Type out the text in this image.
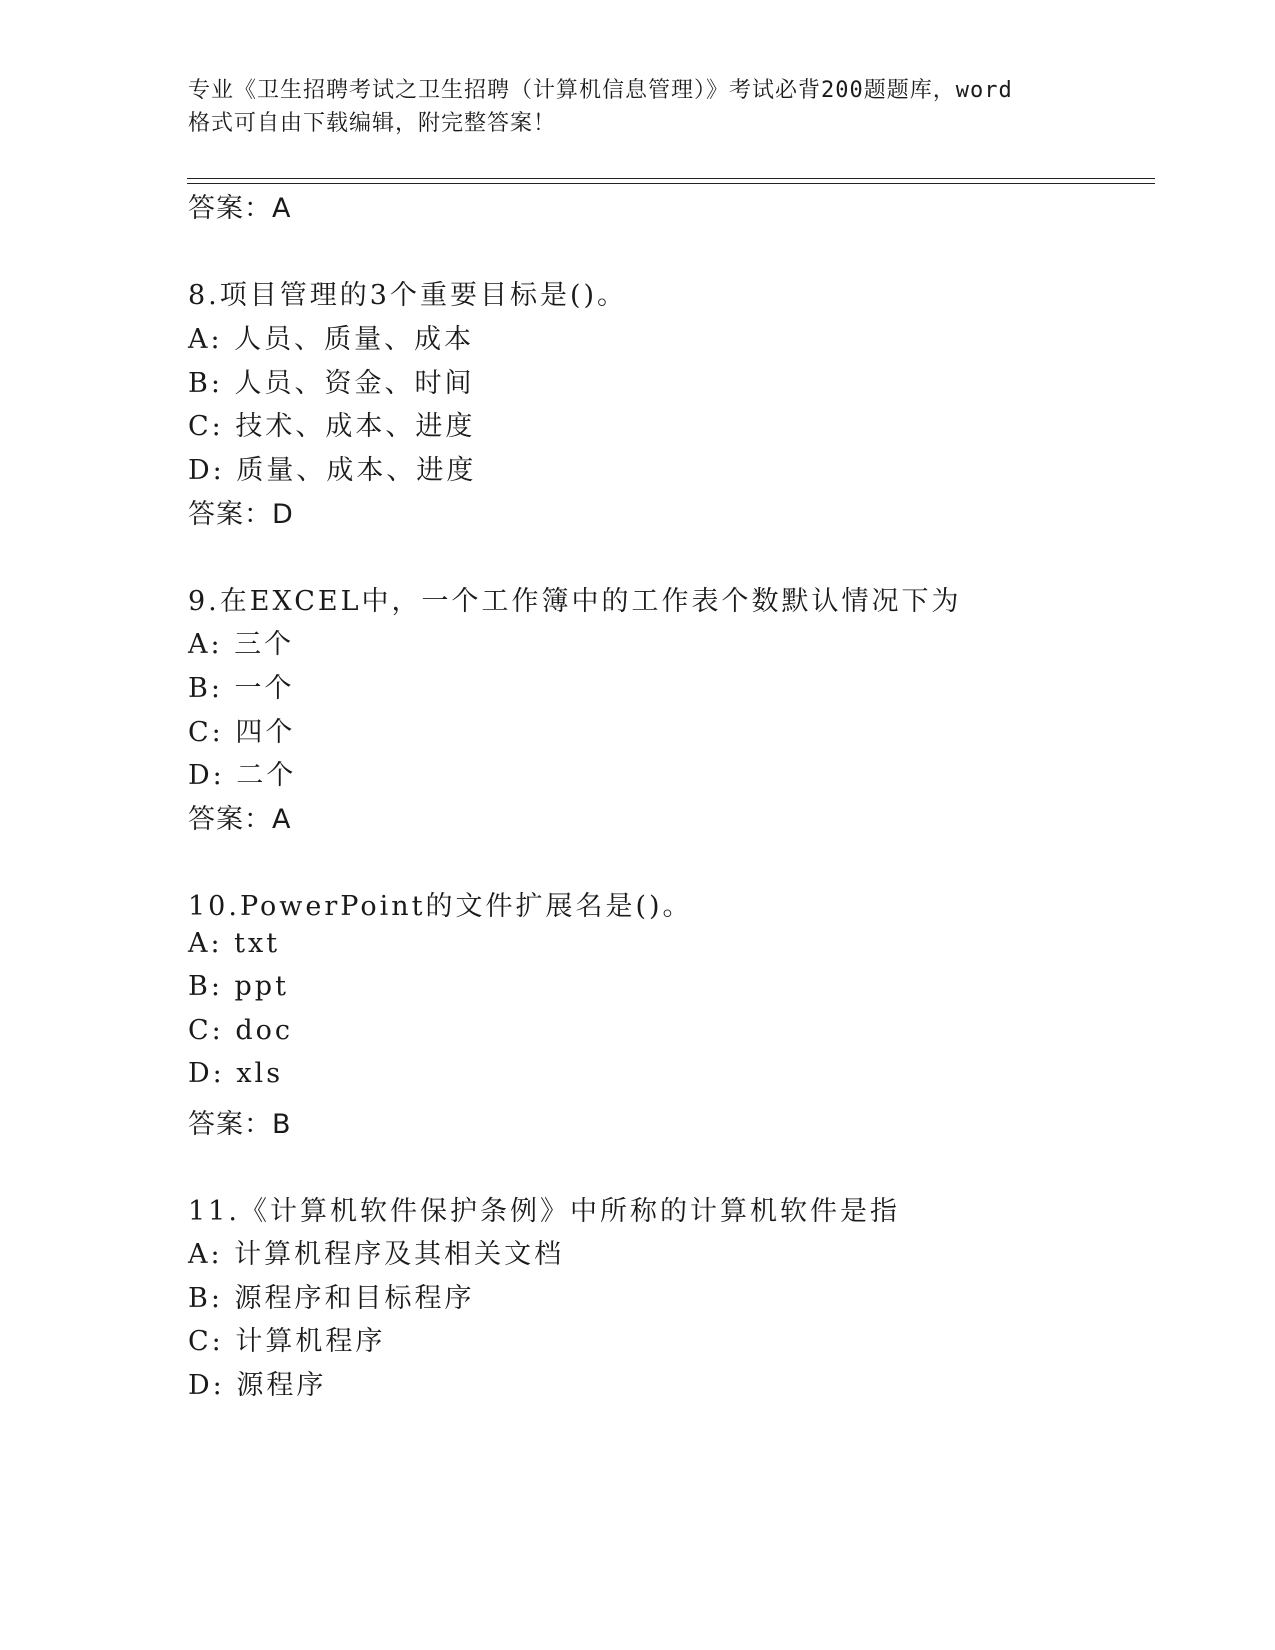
专业《卫生招聘考试之卫生招聘（计算机信息管理）》考试必背200题题库，word
格式可自由下载编辑，附完整答案！
答案：A
8.项目管理的3个重要目标是()。
A: 人员、质量、成本
B: 人员、资金、时间
C: 技术、成本、进度
D: 质量、成本、进度
答案：D
9.在EXCEL中，一个工作簿中的工作表个数默认情况下为
A: 三个
B: 一个
C: 四个
D: 二个
答案：A
10.PowerPoint的文件扩展名是()。
A: txt
B: ppt
C: doc
D: xls
答案：B
11.《计算机软件保护条例》中所称的计算机软件是指
A: 计算机程序及其相关文档
B: 源程序和目标程序
C: 计算机程序
D: 源程序
